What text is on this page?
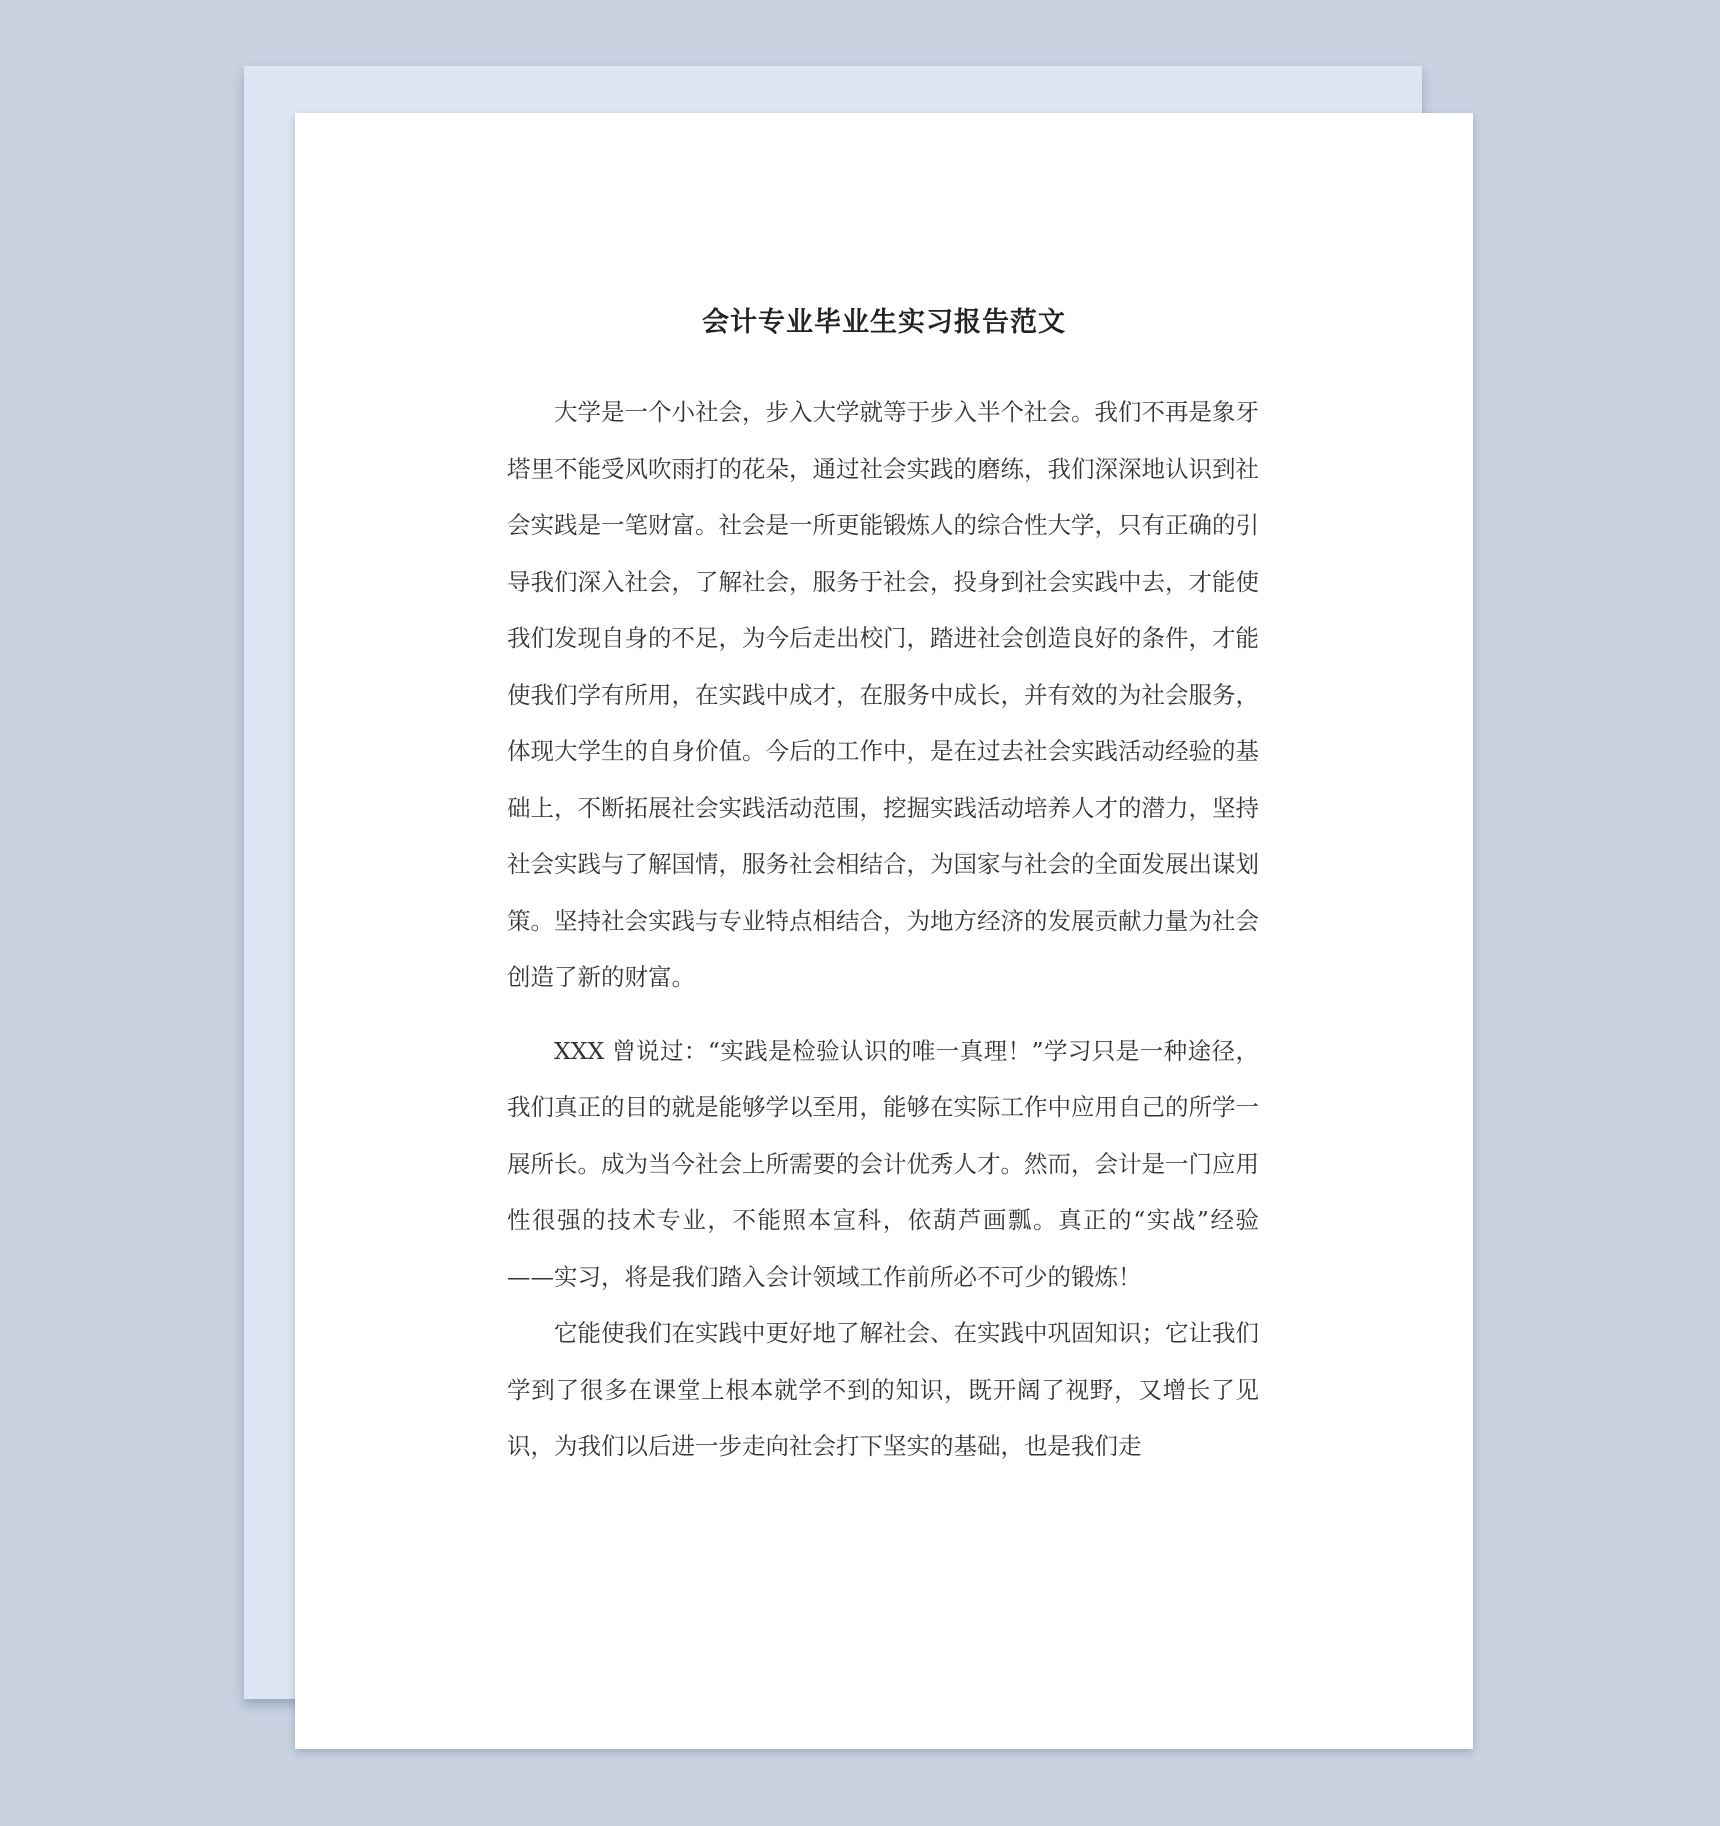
会计专业毕业生实习报告范文

大学是一个小社会，步入大学就等于步入半个社会。我们不再是象牙塔里不能受风吹雨打的花朵，通过社会实践的磨练，我们深深地认识到社会实践是一笔财富。社会是一所更能锻炼人的综合性大学，只有正确的引导我们深入社会，了解社会，服务于社会，投身到社会实践中去，才能使我们发现自身的不足，为今后走出校门，踏进社会创造良好的条件，才能使我们学有所用，在实践中成才，在服务中成长，并有效的为社会服务，体现大学生的自身价值。今后的工作中，是在过去社会实践活动经验的基础上，不断拓展社会实践活动范围，挖掘实践活动培养人才的潜力，坚持社会实践与了解国情，服务社会相结合，为国家与社会的全面发展出谋划策。坚持社会实践与专业特点相结合，为地方经济的发展贡献力量为社会创造了新的财富。

XXX 曾说过：“实践是检验认识的唯一真理！”学习只是一种途径，我们真正的目的就是能够学以至用，能够在实际工作中应用自己的所学一展所长。成为当今社会上所需要的会计优秀人才。然而，会计是一门应用性很强的技术专业，不能照本宣科，依葫芦画瓢。真正的“实战”经验——实习，将是我们踏入会计领域工作前所必不可少的锻炼！

它能使我们在实践中更好地了解社会、在实践中巩固知识；它让我们学到了很多在课堂上根本就学不到的知识，既开阔了视野，又增长了见识，为我们以后进一步走向社会打下坚实的基础，也是我们走
